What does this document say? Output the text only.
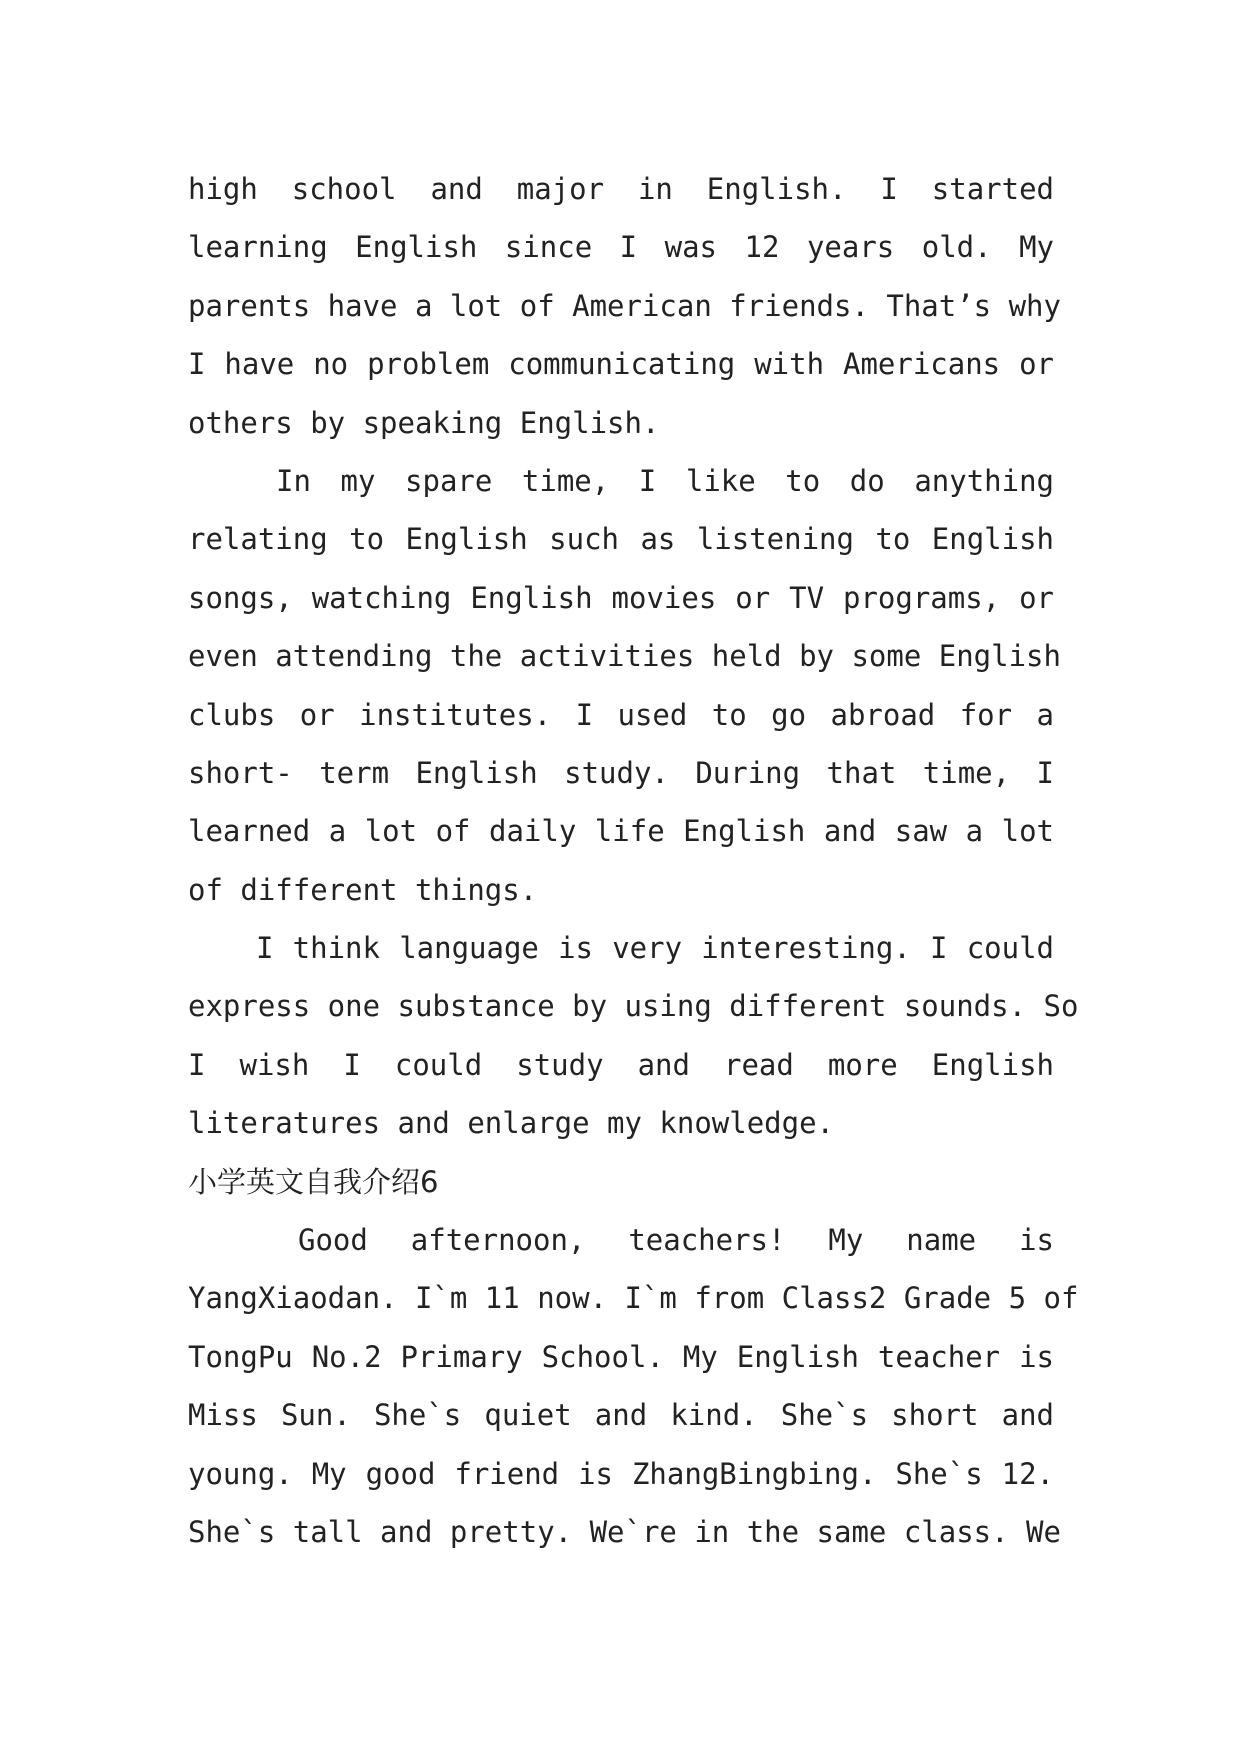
high school and major in English. I started
learning English since I was 12 years old. My
parents have a lot of American friends. That’s why
I have no problem communicating with Americans or
others by speaking English.
In my spare time, I like to do anything
relating to English such as listening to English
songs, watching English movies or TV programs, or
even attending the activities held by some English
clubs or institutes. I used to go abroad for a
short- term English study. During that time, I
learned a lot of daily life English and saw a lot
of different things.
I think language is very interesting. I could
express one substance by using different sounds. So
I wish I could study and read more English
literatures and enlarge my knowledge.
小学英文自我介绍6
Good afternoon, teachers! My name is
YangXiaodan. I`m 11 now. I`m from Class2 Grade 5 of
TongPu No.2 Primary School. My English teacher is
Miss Sun. She`s quiet and kind. She`s short and
young. My good friend is ZhangBingbing. She`s 12.
She`s tall and pretty. We`re in the same class. We
